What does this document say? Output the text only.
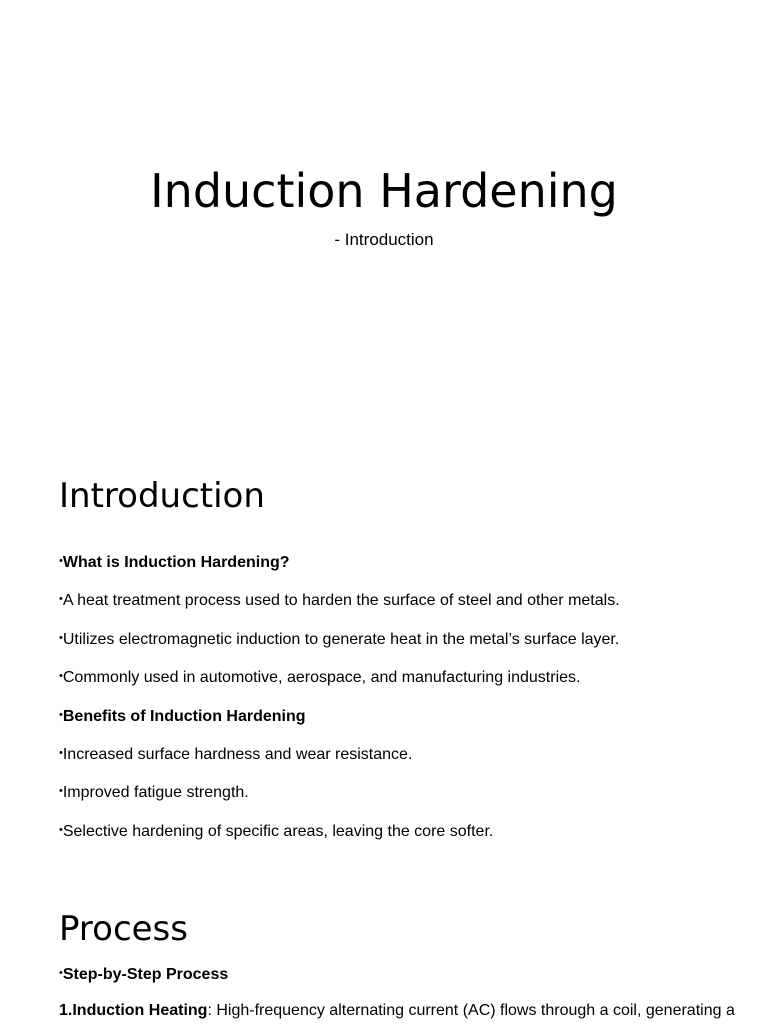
Induction Hardening

- Introduction

Introduction
•What is Induction Hardening?
•A heat treatment process used to harden the surface of steel and other metals.
•Utilizes electromagnetic induction to generate heat in the metal’s surface layer.
•Commonly used in automotive, aerospace, and manufacturing industries.
•Benefits of Induction Hardening
•Increased surface hardness and wear resistance.
•Improved fatigue strength.
•Selective hardening of specific areas, leaving the core softer.
Process
•Step-by-Step Process

1.Induction Heating: High-frequency alternating current (AC) flows through a coil, generating a
